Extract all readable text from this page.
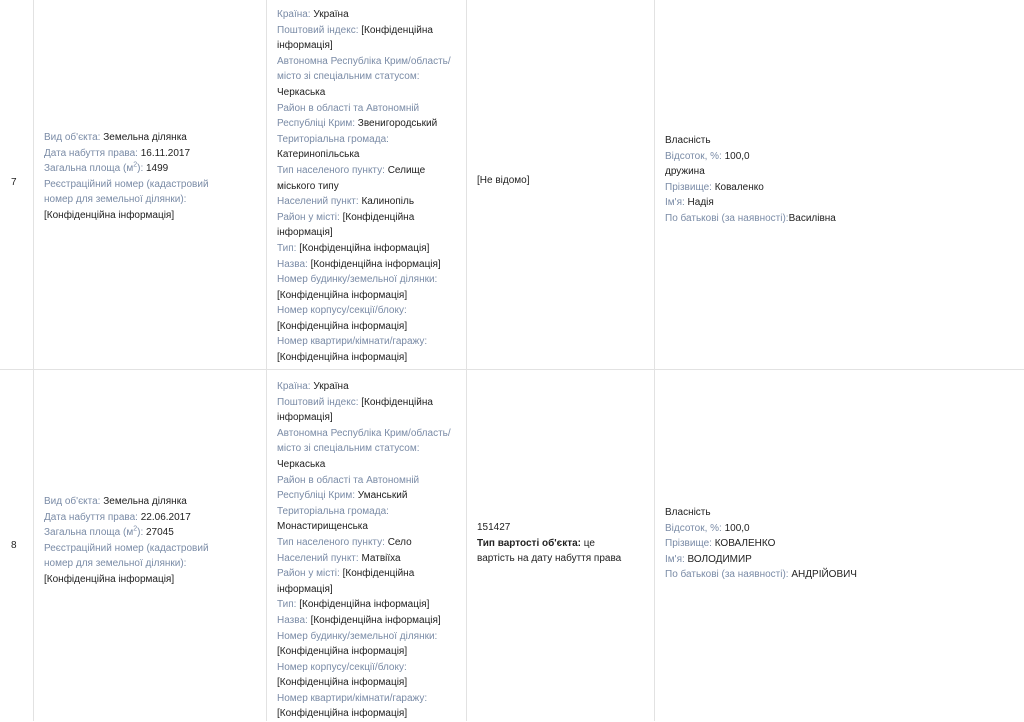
7
Вид об'єкта: Земельна ділянка
Дата набуття права: 16.11.2017
Загальна площа $(м^2)$: 1499
Реєстраційний номер (кадастровий
номер для земельної ділянки):
[Конфіденційна інформація]
Країна: Україна
Поштовий індекс: [Конфіденційна
інформація]
Автономна Республіка Крим/область/
місто зі спеціальним статусом:
Черкаська
Район в області та Автономній
Республіці Крим: Звенигородський
Територіальна громада:
Катеринопільська
Тип населеного пункту: Селище
міського типу
Населений пункт: Калинопіль
Район у місті: [Конфіденційна
інформація]
Тип: [Конфіденційна інформація]
Назва: [Конфіденційна інформація]
Номер будинку/земельної ділянки:
[Конфіденційна інформація]
Номер корпусу/секції/блоку:
[Конфіденційна інформація]
Номер квартири/кімнати/гаражу:
[Конфіденційна інформація]
[Не відомо]
Власність
Відсоток, %: 100,0
дружина
Прізвище: Коваленко
Ім'я: Надія
По батькові (за наявності):Василівна
8
Вид об'єкта: Земельна ділянка
Дата набуття права: 22.06.2017
Загальна площа $(м^2)$: 27045
Реєстраційний номер (кадастровий
номер для земельної ділянки):
[Конфіденційна інформація]
Країна: Україна
Поштовий індекс: [Конфіденційна
інформація]
Автономна Республіка Крим/область/
місто зі спеціальним статусом:
Черкаська
Район в області та Автономній
Республіці Крим: Уманський
Територіальна громада:
Монастирищенська
Тип населеного пункту: Село
Населений пункт: Матвіїха
Район у місті: [Конфіденційна
інформація]
Тип: [Конфіденційна інформація]
Назва: [Конфіденційна інформація]
Номер будинку/земельної ділянки:
[Конфіденційна інформація]
Номер корпусу/секції/блоку:
[Конфіденційна інформація]
Номер квартири/кімнати/гаражу:
[Конфіденційна інформація]
151427
Тип вартості об'єкта: це
вартість на дату набуття права
Власність
Відсоток, %: 100,0
Прізвище: КОВАЛЕНКО
Ім'я: ВОЛОДИМИР
По батькові (за наявності): АНДРІЙОВИЧ
